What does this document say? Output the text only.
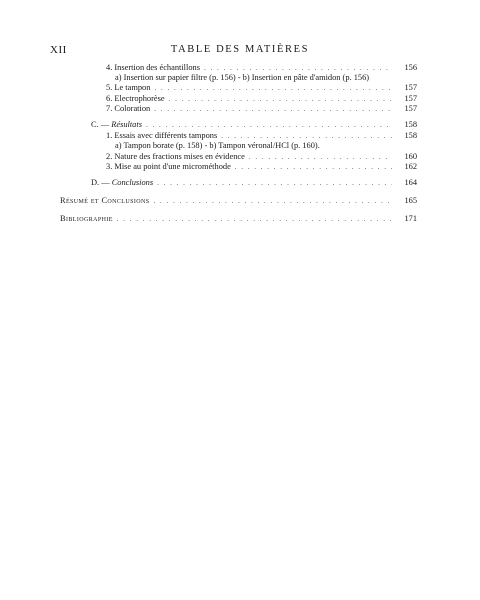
XII	TABLE DES MATIÈRES
4. Insertion des échantillons . . .	156
a) Insertion sur papier filtre (p. 156) - b) Insertion en pâte d'amidon (p. 156)
5. Le tampon . . .	157
6. Electrophorèse . . .	157
7. Coloration . . .	157
C. — Résultats . . .	158
1. Essais avec différents tampons . . .	158
a) Tampon borate (p. 158) - b) Tampon véronal/HCl (p. 160).
2. Nature des fractions mises en évidence . . .	160
3. Mise au point d'une microméthode . . .	162
D. — Conclusions . . .	164
Résumé et Conclusions . . .	165
Bibliographie . . .	171
